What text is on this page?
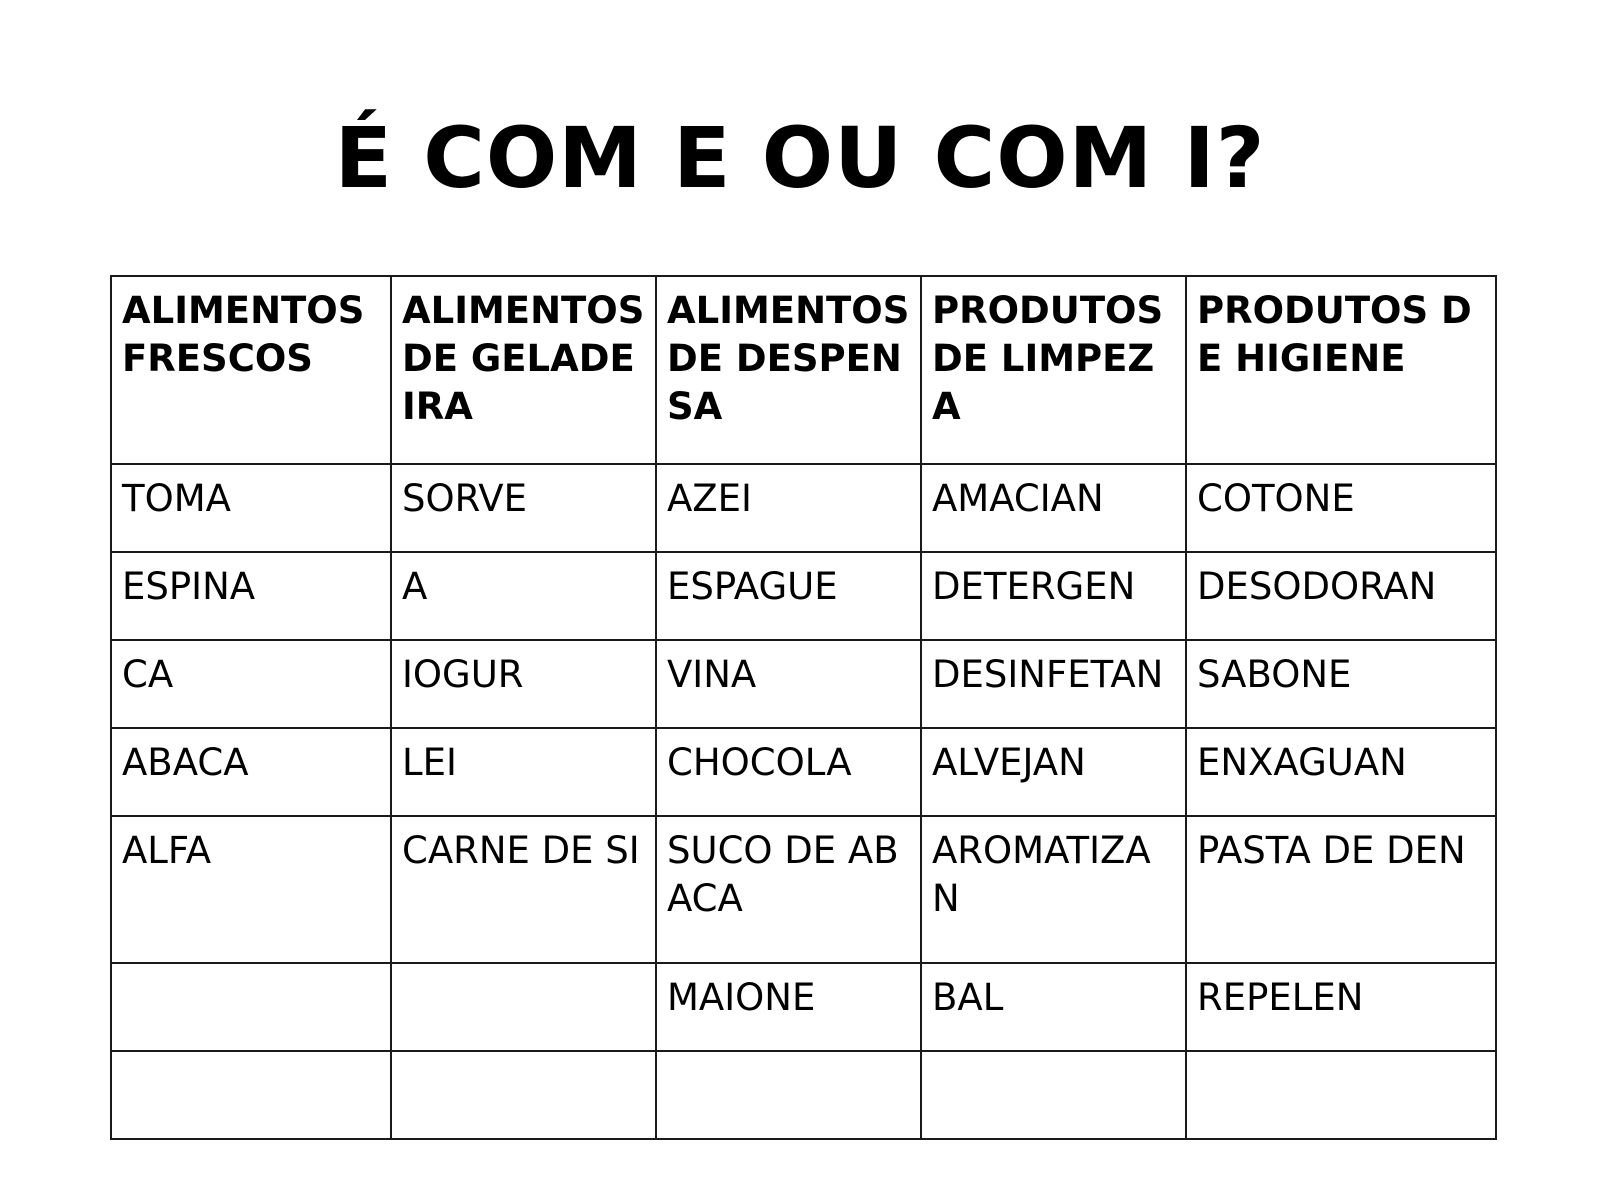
É COM E OU COM I?
ALIMENTOS FRESCOS	ALIMENTOS DE GELADEIRA	ALIMENTOS DE DESPENSA	PRODUTOS DE LIMPEZA	PRODUTOS DE HIGIENE
TOMA	SORVE	AZEI	AMACIAN	COTONE
ESPINA	A	ESPAGUE	DETERGEN	DESODORAN
CA	IOGUR	VINA	DESINFETAN	SABONE
ABACA	LEI	CHOCOLA	ALVEJAN	ENXAGUAN
ALFA	CARNE DE SI	SUCO DE ABACA	AROMATIZAN	PASTA DE DEN
		MAIONE	BAL	REPELEN
